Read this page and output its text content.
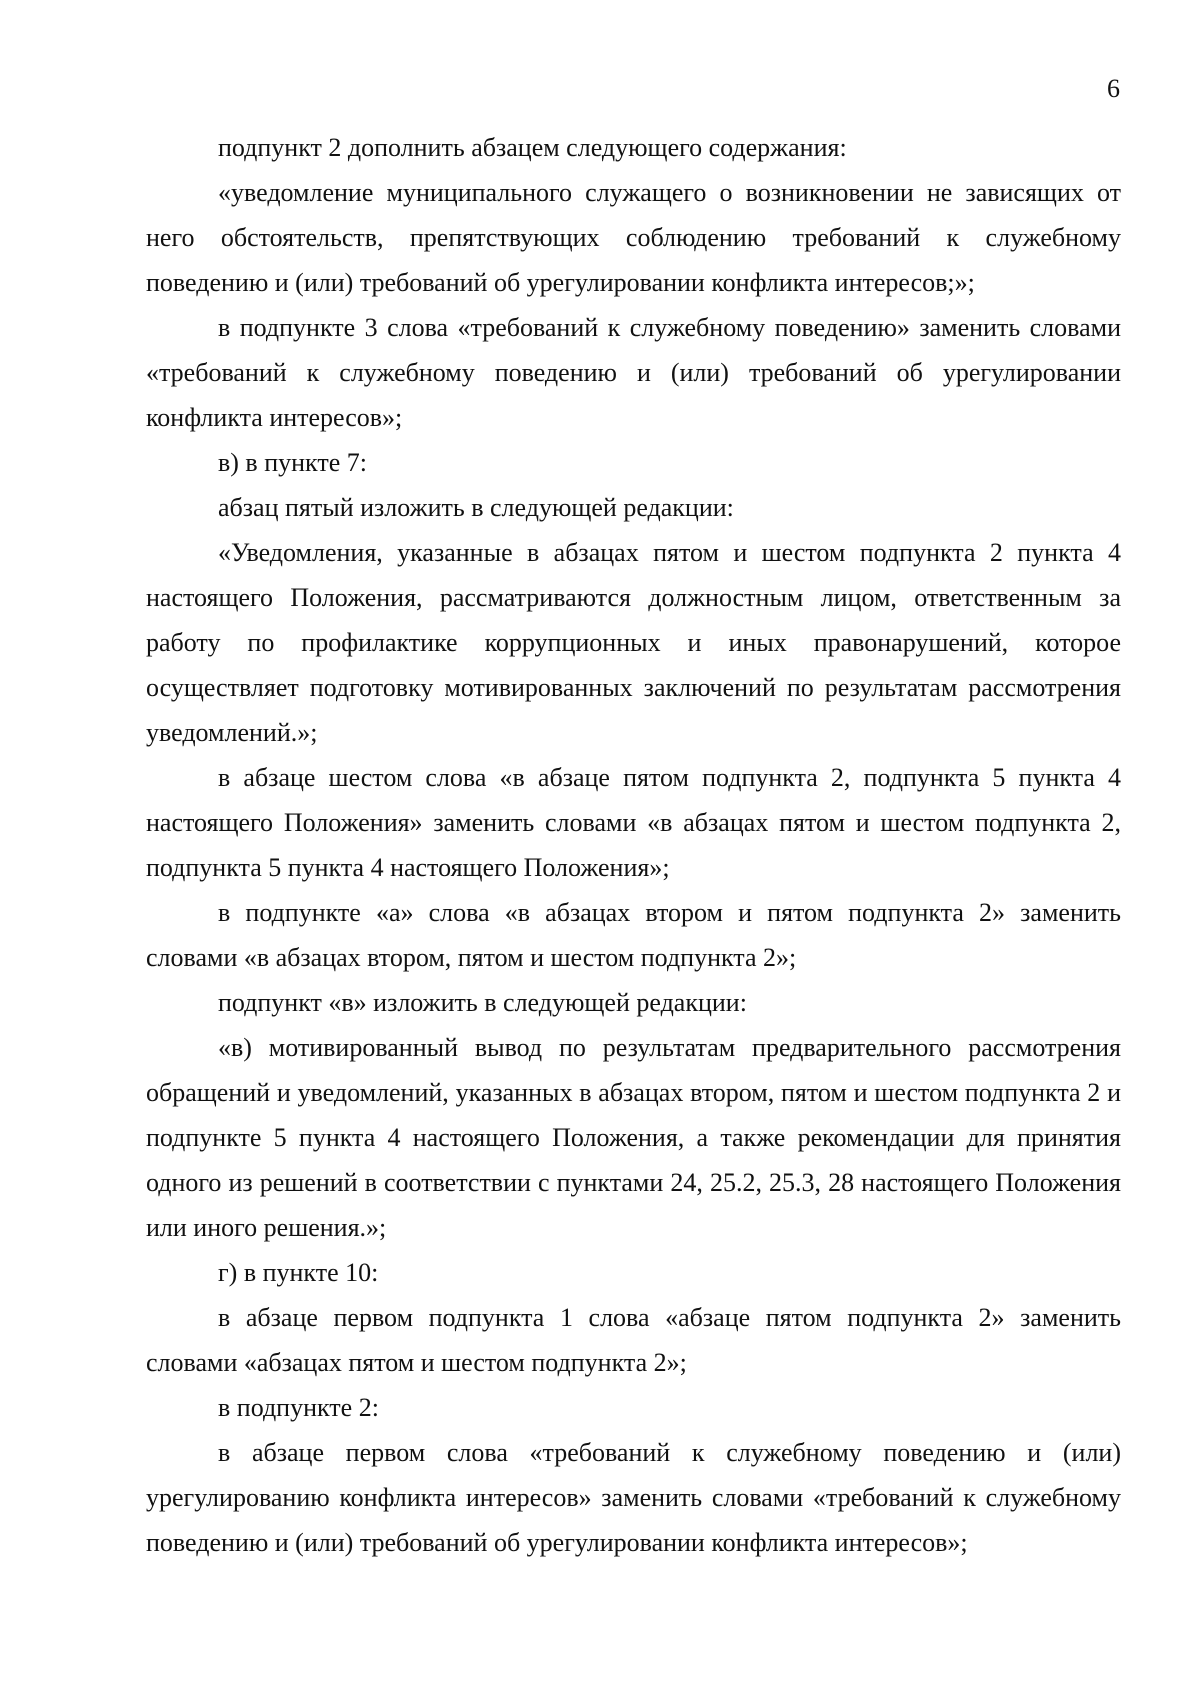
6

подпункт 2 дополнить абзацем следующего содержания:

«уведомление муниципального служащего о возникновении не зависящих от него обстоятельств, препятствующих соблюдению требований к служебному поведению и (или) требований об урегулировании конфликта интересов;»;

в подпункте 3 слова «требований к служебному поведению» заменить словами «требований к служебному поведению и (или) требований об урегулировании конфликта интересов»;

в) в пункте 7:

абзац пятый изложить в следующей редакции:

«Уведомления, указанные в абзацах пятом и шестом подпункта 2 пункта 4 настоящего Положения, рассматриваются должностным лицом, ответственным за работу по профилактике коррупционных и иных правонарушений, которое осуществляет подготовку мотивированных заключений по результатам рассмотрения уведомлений.»;

в абзаце шестом слова «в абзаце пятом подпункта 2, подпункта 5 пункта 4 настоящего Положения» заменить словами «в абзацах пятом и шестом подпункта 2, подпункта 5 пункта 4 настоящего Положения»;

в подпункте «а» слова «в абзацах втором и пятом подпункта 2» заменить словами «в абзацах втором, пятом и шестом подпункта 2»;

подпункт «в» изложить в следующей редакции:

«в) мотивированный вывод по результатам предварительного рассмотрения обращений и уведомлений, указанных в абзацах втором, пятом и шестом подпункта 2 и подпункте 5 пункта 4 настоящего Положения, а также рекомендации для принятия одного из решений в соответствии с пунктами 24, 25.2, 25.3, 28 настоящего Положения или иного решения.»;

г) в пункте 10:

в абзаце первом подпункта 1 слова «абзаце пятом подпункта 2» заменить словами «абзацах пятом и шестом подпункта 2»;

в подпункте 2:

в абзаце первом слова «требований к служебному поведению и (или) урегулированию конфликта интересов» заменить словами «требований к служебному поведению и (или) требований об урегулировании конфликта интересов»;
